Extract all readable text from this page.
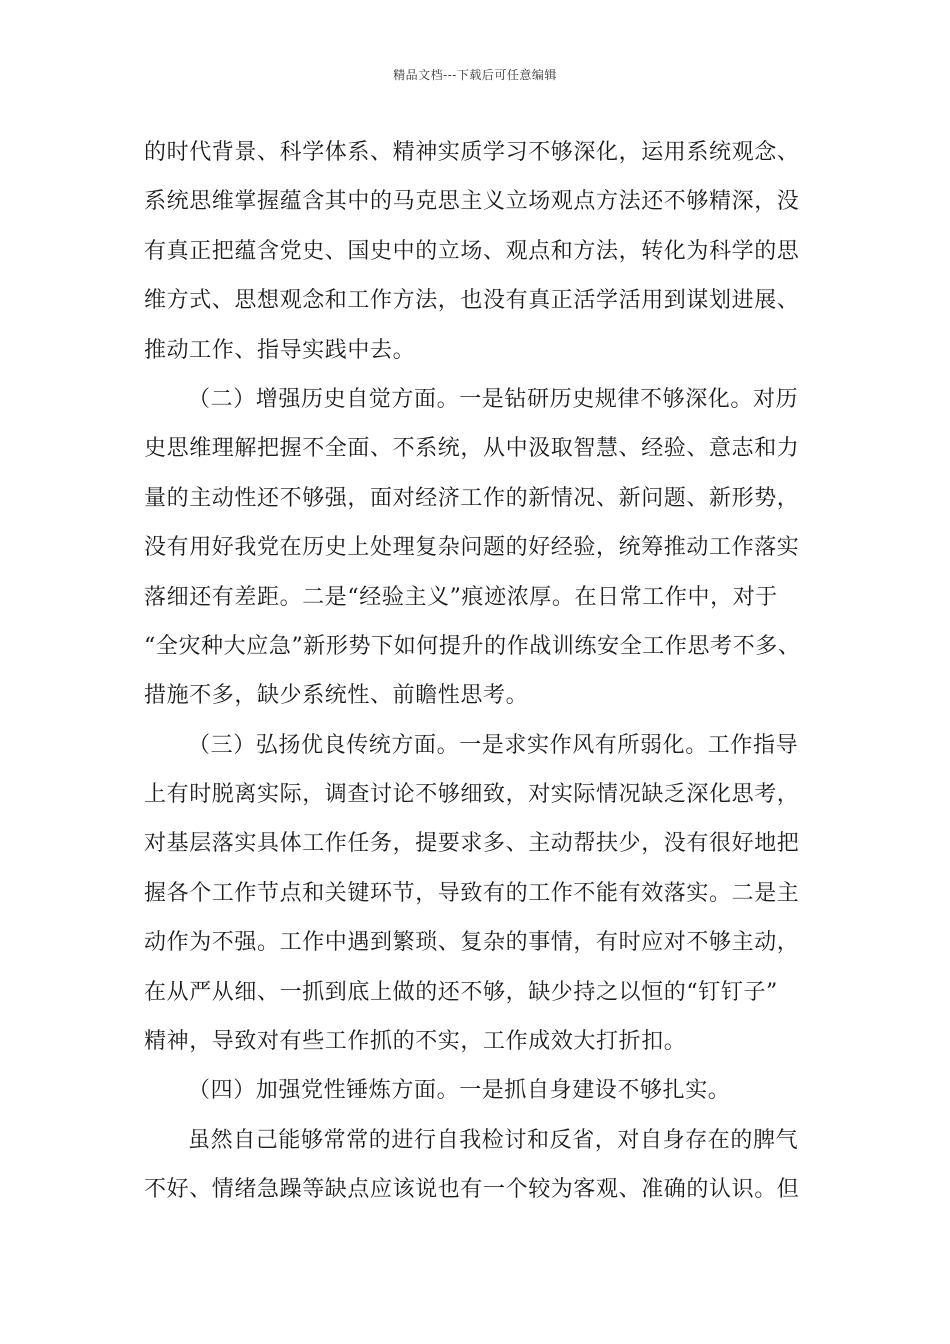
精品文档---下载后可任意编辑
的时代背景、科学体系、精神实质学习不够深化，运用系统观念、
系统思维掌握蕴含其中的马克思主义立场观点方法还不够精深，没
有真正把蕴含党史、国史中的立场、观点和方法，转化为科学的思
维方式、思想观念和工作方法，也没有真正活学活用到谋划进展、
推动工作、指导实践中去。
（二）增强历史自觉方面。一是钻研历史规律不够深化。对历
史思维理解把握不全面、不系统，从中汲取智慧、经验、意志和力
量的主动性还不够强，面对经济工作的新情况、新问题、新形势，
没有用好我党在历史上处理复杂问题的好经验，统筹推动工作落实
落细还有差距。二是“经验主义”痕迹浓厚。在日常工作中，对于
“全灾种大应急”新形势下如何提升的作战训练安全工作思考不多、
措施不多，缺少系统性、前瞻性思考。
（三）弘扬优良传统方面。一是求实作风有所弱化。工作指导
上有时脱离实际，调查讨论不够细致，对实际情况缺乏深化思考，
对基层落实具体工作任务，提要求多、主动帮扶少，没有很好地把
握各个工作节点和关键环节，导致有的工作不能有效落实。二是主
动作为不强。工作中遇到繁琐、复杂的事情，有时应对不够主动，
在从严从细、一抓到底上做的还不够，缺少持之以恒的“钉钉子”
精神，导致对有些工作抓的不实，工作成效大打折扣。
（四）加强党性锤炼方面。一是抓自身建设不够扎实。
虽然自己能够常常的进行自我检讨和反省，对自身存在的脾气
不好、情绪急躁等缺点应该说也有一个较为客观、准确的认识。但
